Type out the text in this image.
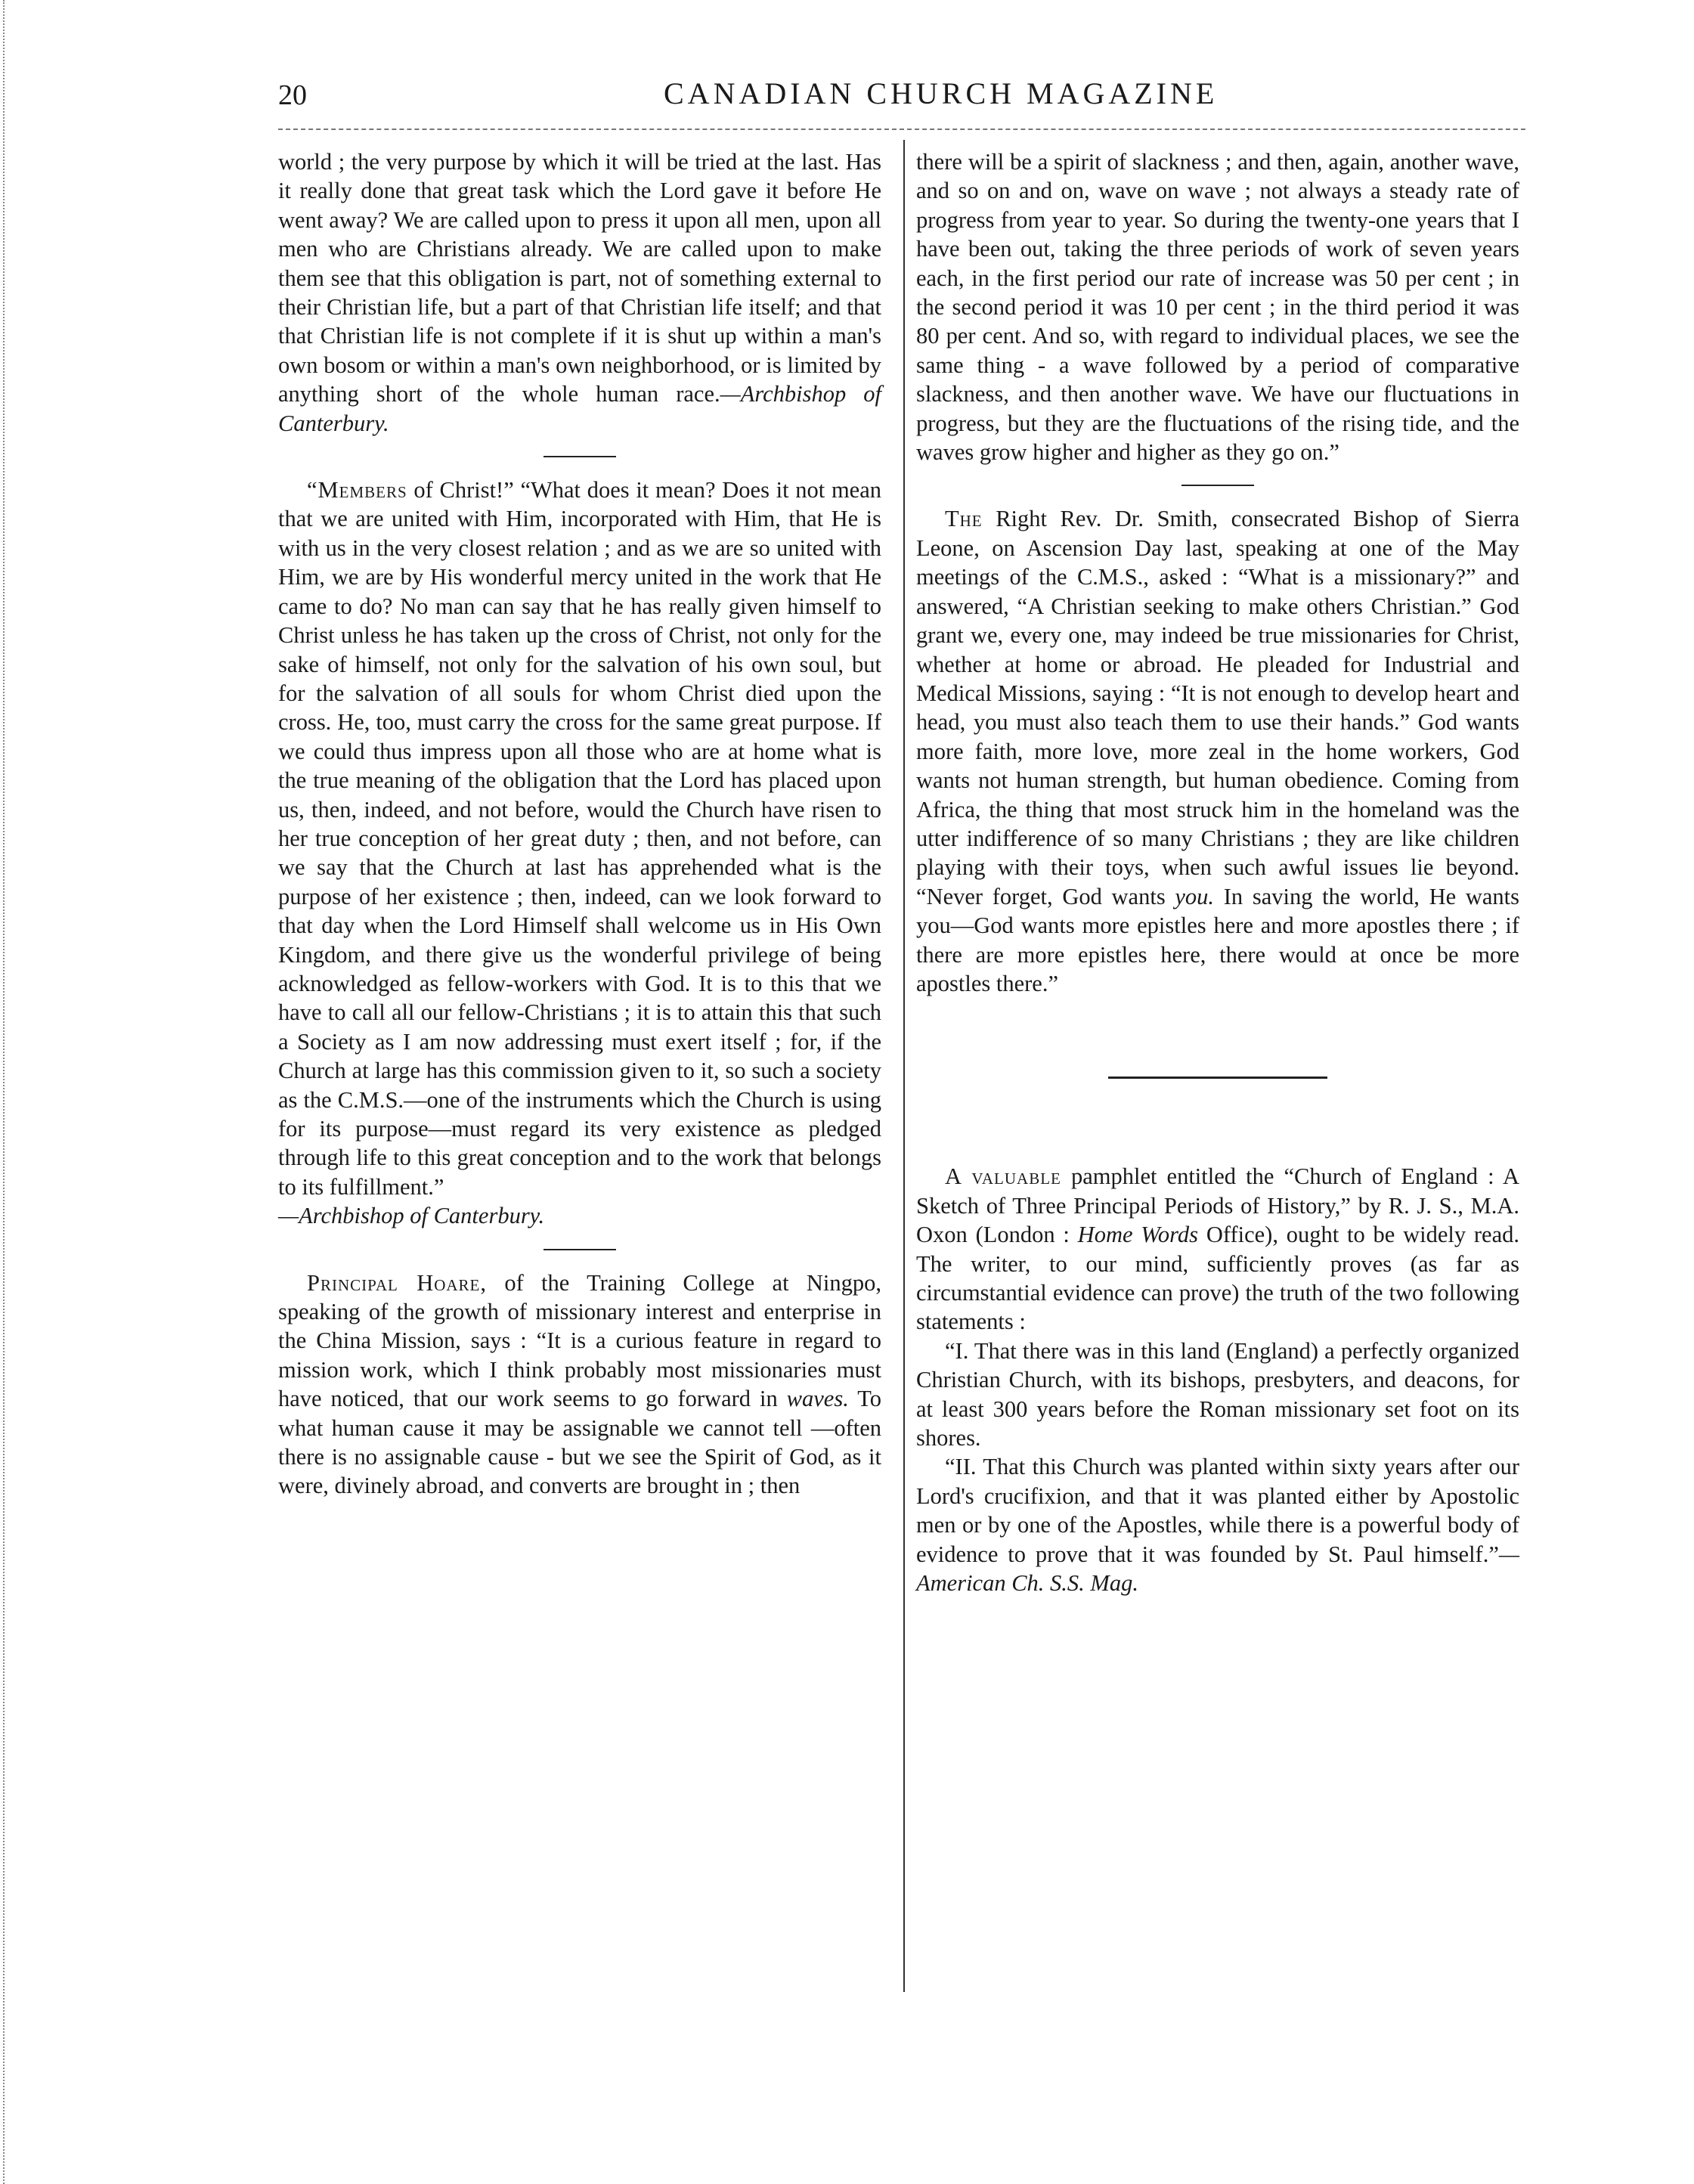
20	CANADIAN CHURCH MAGAZINE

world ; the very purpose by which it will be tried at the last. Has it really done that great task which the Lord gave it before He went away? We are called upon to press it upon all men, upon all men who are Christians already. We are called upon to make them see that this obligation is part, not of something external to their Christian life, but a part of that Christian life itself; and that that Christian life is not complete if it is shut up within a man's own bosom or within a man's own neighborhood, or is limited by anything short of the whole human race.—Archbishop of Canterbury.

“Members of Christ!” “What does it mean? Does it not mean that we are united with Him, incorporated with Him, that He is with us in the very closest relation ; and as we are so united with Him, we are by His wonderful mercy united in the work that He came to do? No man can say that he has really given himself to Christ unless he has taken up the cross of Christ, not only for the sake of himself, not only for the salvation of his own soul, but for the salvation of all souls for whom Christ died upon the cross. He, too, must carry the cross for the same great purpose. If we could thus impress upon all those who are at home what is the true meaning of the obligation that the Lord has placed upon us, then, indeed, and not before, would the Church have risen to her true conception of her great duty ; then, and not before, can we say that the Church at last has apprehended what is the purpose of her existence ; then, indeed, can we look forward to that day when the Lord Himself shall welcome us in His Own Kingdom, and there give us the wonderful privilege of being acknowledged as fellow-workers with God. It is to this that we have to call all our fellow-Christians ; it is to attain this that such a Society as I am now addressing must exert itself ; for, if the Church at large has this commission given to it, so such a society as the C.M.S.—one of the instruments which the Church is using for its purpose—must regard its very existence as pledged through life to this great conception and to the work that belongs to its fulfillment.”

—Archbishop of Canterbury.

Principal Hoare, of the Training College at Ningpo, speaking of the growth of missionary interest and enterprise in the China Mission, says : “It is a curious feature in regard to mission work, which I think probably most missionaries must have noticed, that our work seems to go forward in waves. To what human cause it may be assignable we cannot tell —often there is no assignable cause - but we see the Spirit of God, as it were, divinely abroad, and converts are brought in ; then

there will be a spirit of slackness ; and then, again, another wave, and so on and on, wave on wave ; not always a steady rate of progress from year to year. So during the twenty-one years that I have been out, taking the three periods of work of seven years each, in the first period our rate of increase was 50 per cent ; in the second period it was 10 per cent ; in the third period it was 80 per cent. And so, with regard to individual places, we see the same thing - a wave followed by a period of comparative slackness, and then another wave. We have our fluctuations in progress, but they are the fluctuations of the rising tide, and the waves grow higher and higher as they go on.”

The Right Rev. Dr. Smith, consecrated Bishop of Sierra Leone, on Ascension Day last, speaking at one of the May meetings of the C.M.S., asked : “What is a missionary?” and answered, “A Christian seeking to make others Christian.” God grant we, every one, may indeed be true missionaries for Christ, whether at home or abroad. He pleaded for Industrial and Medical Missions, saying : “It is not enough to develop heart and head, you must also teach them to use their hands.” God wants more faith, more love, more zeal in the home workers, God wants not human strength, but human obedience. Coming from Africa, the thing that most struck him in the homeland was the utter indifference of so many Christians ; they are like children playing with their toys, when such awful issues lie beyond. “Never forget, God wants you. In saving the world, He wants you—God wants more epistles here and more apostles there ; if there are more epistles here, there would at once be more apostles there.”

A valuable pamphlet entitled the “Church of England : A Sketch of Three Principal Periods of History,” by R. J. S., M.A. Oxon (London : Home Words Office), ought to be widely read. The writer, to our mind, sufficiently proves (as far as circumstantial evidence can prove) the truth of the two following statements :

“I. That there was in this land (England) a perfectly organized Christian Church, with its bishops, presbyters, and deacons, for at least 300 years before the Roman missionary set foot on its shores.

“II. That this Church was planted within sixty years after our Lord's crucifixion, and that it was planted either by Apostolic men or by one of the Apostles, while there is a powerful body of evidence to prove that it was founded by St. Paul himself.”—American Ch. S.S. Mag.
